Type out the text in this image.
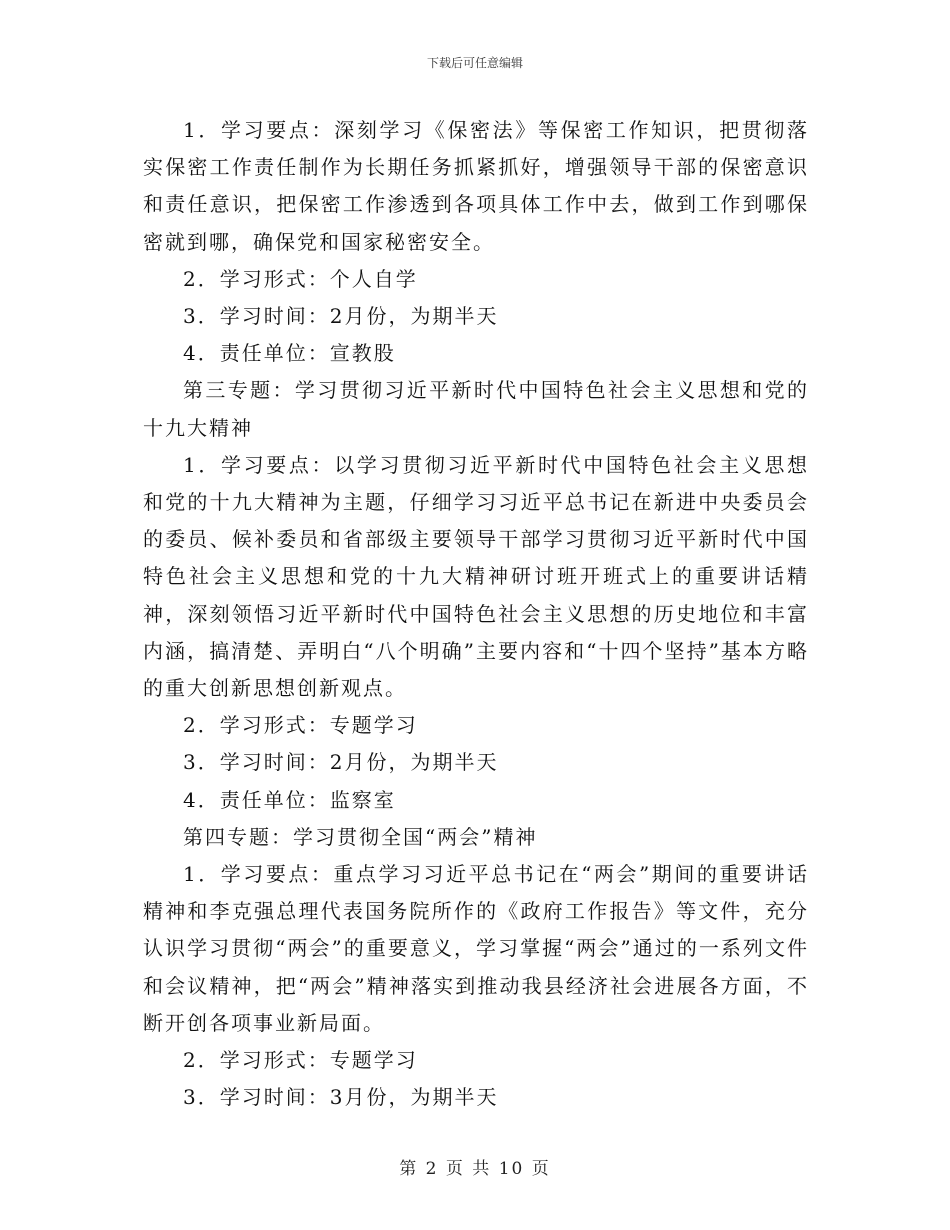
下载后可任意编辑

1．学习要点：深刻学习《保密法》等保密工作知识，把贯彻落实保密工作责任制作为长期任务抓紧抓好，增强领导干部的保密意识和责任意识，把保密工作渗透到各项具体工作中去，做到工作到哪保密就到哪，确保党和国家秘密安全。

2．学习形式：个人自学

3．学习时间：2月份，为期半天

4．责任单位：宣教股

第三专题：学习贯彻习近平新时代中国特色社会主义思想和党的十九大精神

1．学习要点：以学习贯彻习近平新时代中国特色社会主义思想和党的十九大精神为主题，仔细学习习近平总书记在新进中央委员会的委员、候补委员和省部级主要领导干部学习贯彻习近平新时代中国特色社会主义思想和党的十九大精神研讨班开班式上的重要讲话精神，深刻领悟习近平新时代中国特色社会主义思想的历史地位和丰富内涵，搞清楚、弄明白“八个明确”主要内容和“十四个坚持”基本方略的重大创新思想创新观点。

2．学习形式：专题学习

3．学习时间：2月份，为期半天

4．责任单位：监察室

第四专题：学习贯彻全国“两会”精神

1．学习要点：重点学习习近平总书记在“两会”期间的重要讲话精神和李克强总理代表国务院所作的《政府工作报告》等文件，充分认识学习贯彻“两会”的重要意义，学习掌握“两会”通过的一系列文件和会议精神，把“两会”精神落实到推动我县经济社会进展各方面，不断开创各项事业新局面。

2．学习形式：专题学习

3．学习时间：3月份，为期半天

第 2 页 共 10 页
